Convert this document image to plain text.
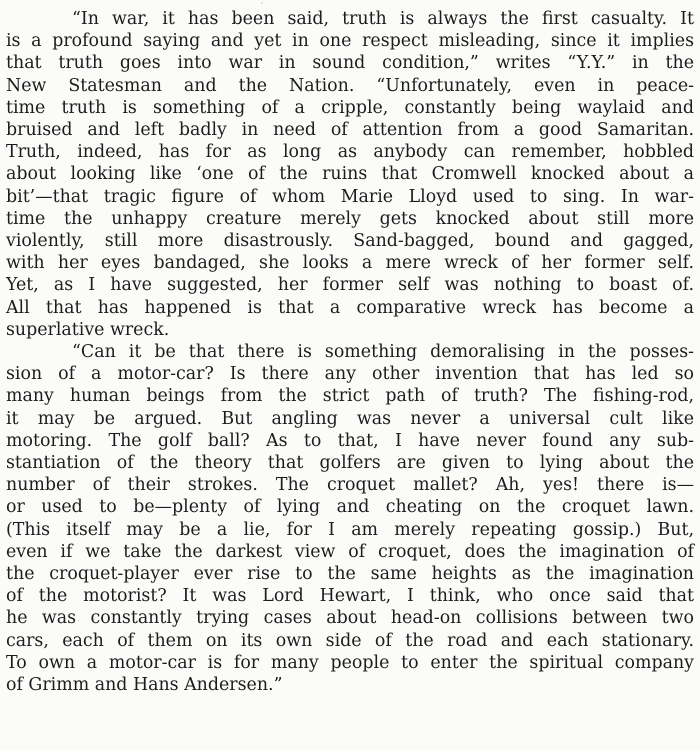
˙
“In war, it has been said, truth is always the first casualty. It
is a profound saying and yet in one respect misleading, since it implies
that truth goes into war in sound condition,” writes “Y.Y.” in the
New Statesman and the Nation. “Unfortunately, even in peace-
time truth is something of a cripple, constantly being waylaid and
bruised and left badly in need of attention from a good Samaritan.
Truth, indeed, has for as long as anybody can remember, hobbled
about looking like ‘one of the ruins that Cromwell knocked about a
bit’—that tragic figure of whom Marie Lloyd used to sing. In war-
time the unhappy creature merely gets knocked about still more
violently, still more disastrously. Sand-bagged, bound and gagged,
with her eyes bandaged, she looks a mere wreck of her former self.
Yet, as I have suggested, her former self was nothing to boast of.
All that has happened is that a comparative wreck has become a
superlative wreck.
“Can it be that there is something demoralising in the posses-
sion of a motor-car? Is there any other invention that has led so
many human beings from the strict path of truth? The fishing-rod,
it may be argued. But angling was never a universal cult like
motoring. The golf ball? As to that, I have never found any sub-
stantiation of the theory that golfers are given to lying about the
number of their strokes. The croquet mallet? Ah, yes! there is—
or used to be—plenty of lying and cheating on the croquet lawn.
(This itself may be a lie, for I am merely repeating gossip.) But,
even if we take the darkest view of croquet, does the imagination of
the croquet-player ever rise to the same heights as the imagination
of the motorist? It was Lord Hewart, I think, who once said that
he was constantly trying cases about head-on collisions between two
cars, each of them on its own side of the road and each stationary.
To own a motor-car is for many people to enter the spiritual company
of Grimm and Hans Andersen.”
